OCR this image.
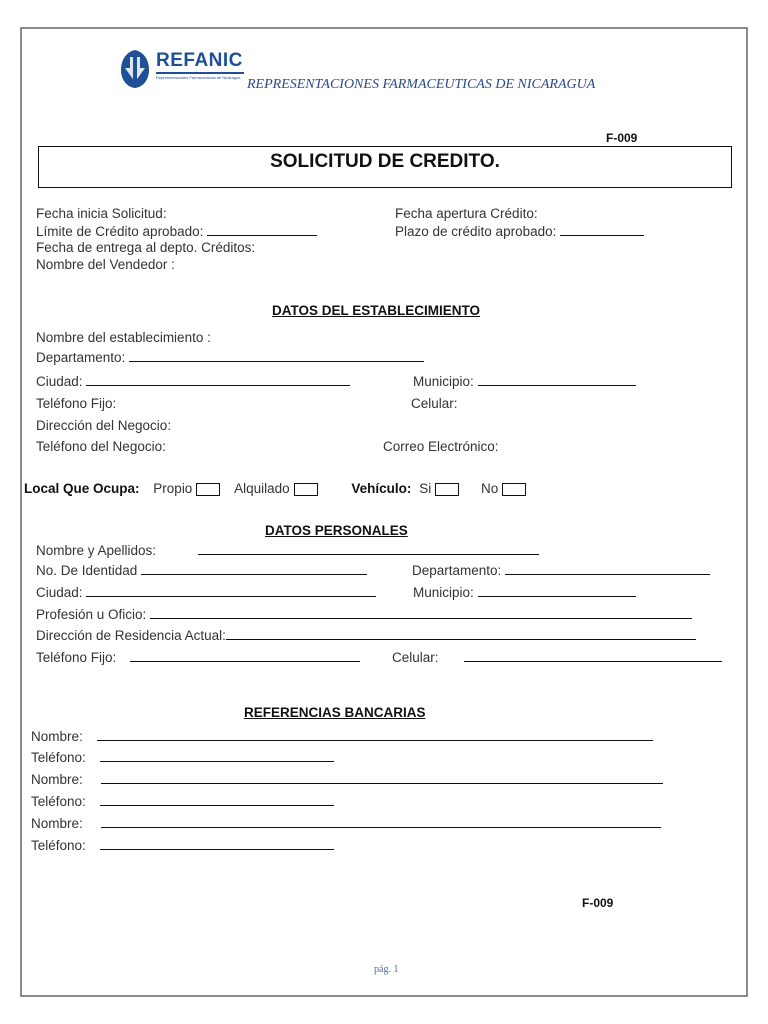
REFANIC
Representaciones Farmaceuticas de Nicaragua REPRESENTACIONES FARMACEUTICAS DE NICARAGUA
F-009
SOLICITUD DE CREDITO.
Fecha inicia Solicitud:	Fecha apertura Crédito:
Límite de Crédito aprobado:	Plazo de crédito aprobado:
Fecha de entrega al depto. Créditos:
Nombre del Vendedor :
DATOS DEL ESTABLECIMIENTO
Nombre del establecimiento :
Departamento:
Ciudad:	Municipio:
Teléfono Fijo:	Celular:
Dirección del Negocio:
Teléfono del Negocio:	Correo Electrónico:
Local Que Ocupa: Propio	Alquilado	Vehículo: Si	No
DATOS PERSONALES
Nombre y Apellidos:
No. De Identidad	Departamento:
Ciudad:	Municipio:
Profesión u Oficio:
Dirección de Residencia Actual:
Teléfono Fijo:	Celular:
REFERENCIAS BANCARIAS
Nombre:
Teléfono:
Nombre:
Teléfono:
Nombre:
Teléfono:
F-009
pág. 1
